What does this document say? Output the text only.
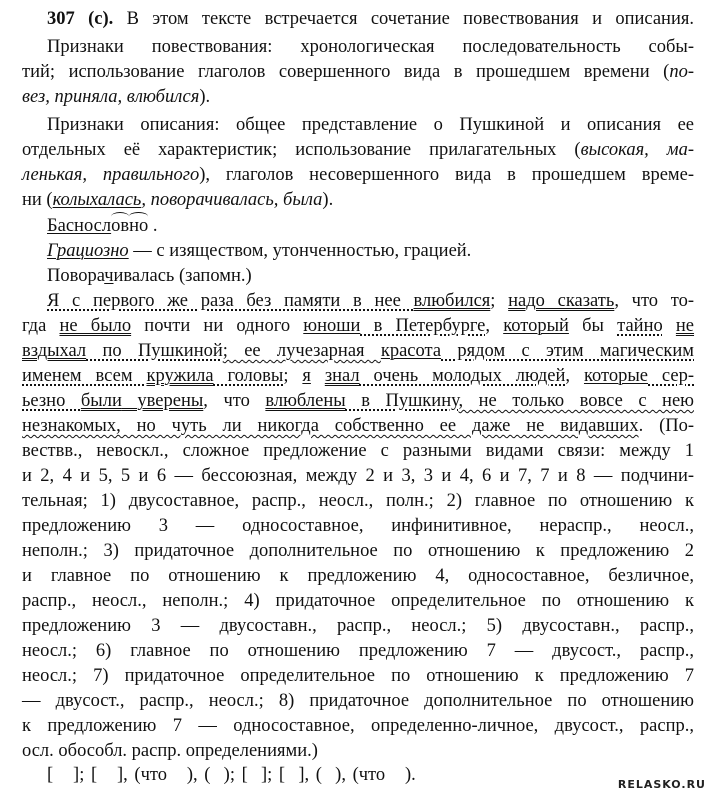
307 (с). В этом тексте встречается сочетание повествования и описания.
Признаки повествования: хронологическая последовательность собы-
тий; использование глаголов совершенного вида в прошедшем времени (по-
вез, приняла, влюбился).
Признаки описания: общее представление о Пушкиной и описания ее
отдельных её характеристик; использование прилагательных (высокая, ма-
ленькая, правильного), глаголов несовершенного вида в прошедшем време-
ни (колыхалась, поворачивалась, была).
Баснословно .
Грациозно — с изяществом, утонченностью, грацией.
Поворачивалась (запомн.)
Я с первого же раза без памяти в нее влюбился; надо сказать, что то-
гда не было почти ни одного юноши в Петербурге, который бы тайно не
вздыхал по Пушкиной; ее лучезарная красота рядом с этим магическим
именем всем кружила головы; я знал очень молодых людей, которые сер-
ьезно были уверены, что влюблены в Пушкину, не только вовсе с нею
незнакомых, но чуть ли никогда собственно ее даже не видавших. (По-
вествв., невоскл., сложное предложение с разными видами связи: между 1
и 2, 4 и 5, 5 и 6 — бессоюзная, между 2 и 3, 3 и 4, 6 и 7, 7 и 8 — подчини-
тельная; 1) двусоставное, распр., неосл., полн.; 2) главное по отношению к
предложению 3 — односоставное, инфинитивное, нераспр., неосл.,
неполн.; 3) придаточное дополнительное по отношению к предложению 2
и главное по отношению к предложению 4, односоставное, безличное,
распр., неосл., неполн.; 4) придаточное определительное по отношению к
предложению 3 — двусоставн., распр., неосл.; 5) двусоставн., распр.,
неосл.; 6) главное по отношению предложению 7 — двусост., распр.,
неосл.; 7) придаточное определительное по отношению к предложению 7
— двусост., распр., неосл.; 8) придаточное дополнительное по отношению
к предложению 7 — односоставное, определенно-личное, двусост., распр.,
осл. обособл. распр. определениями.)
[   ]; [   ], (что   ), (  ); [  ]; [  ], (  ), (что   ).	RELASKO.RU
